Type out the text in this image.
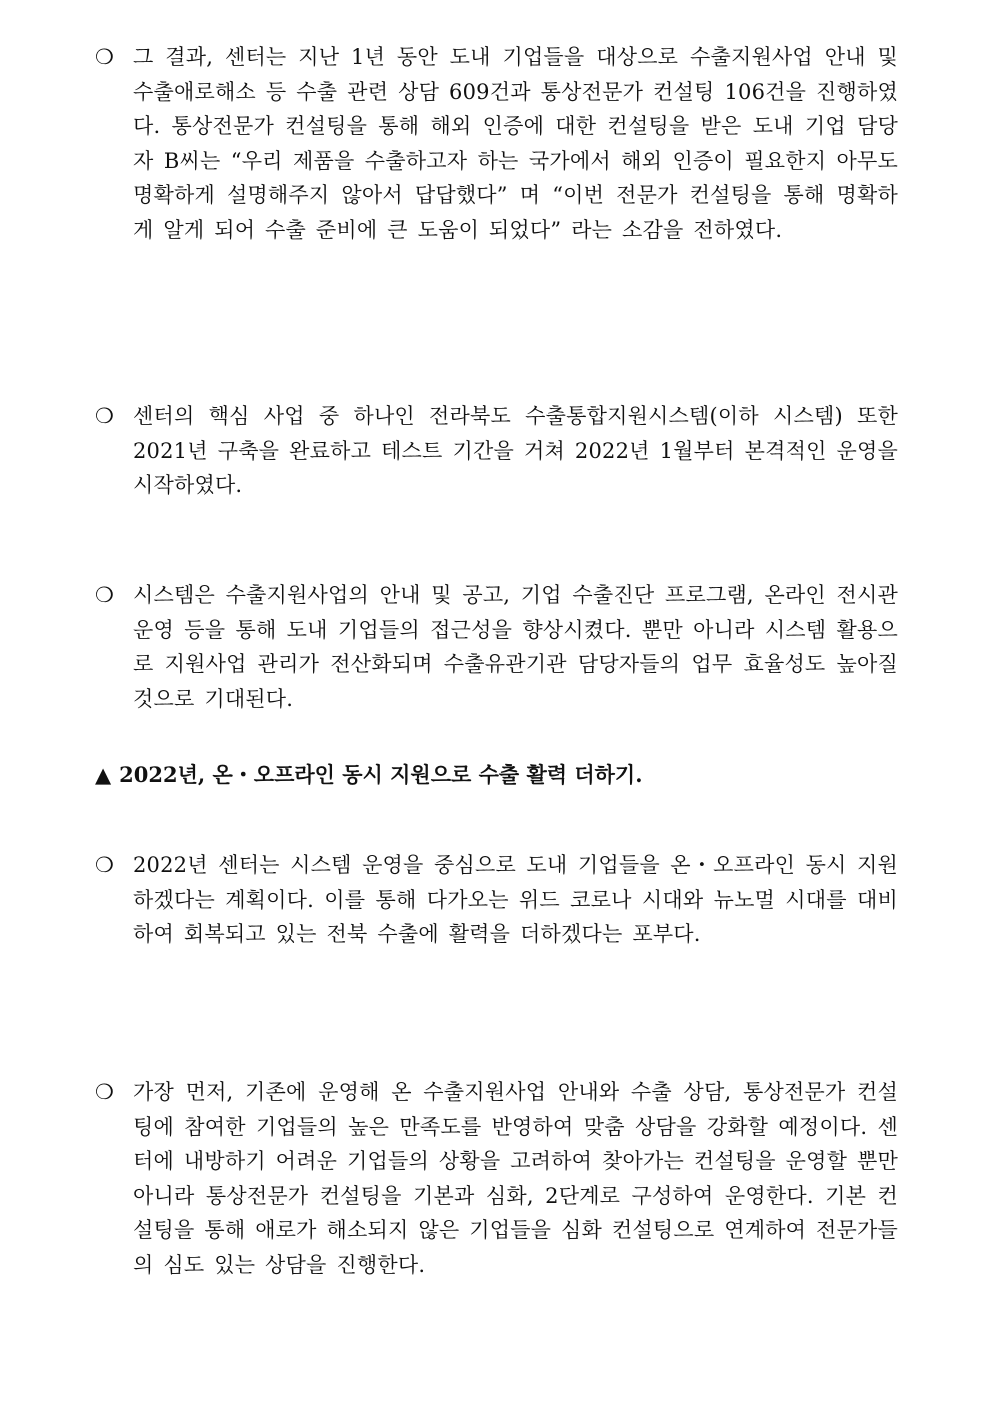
❍ 그 결과, 센터는 지난 1년 동안 도내 기업들을 대상으로 수출지원사업 안내 및 수출애로해소 등 수출 관련 상담 609건과 통상전문가 컨설팅 106건을 진행하였다. 통상전문가 컨설팅을 통해 해외 인증에 대한 컨설팅을 받은 도내 기업 담당자 B씨는 “우리 제품을 수출하고자 하는 국가에서 해외 인증이 필요한지 아무도 명확하게 설명해주지 않아서 답답했다” 며 “이번 전문가 컨설팅을 통해 명확하게 알게 되어 수출 준비에 큰 도움이 되었다” 라는 소감을 전하였다.

❍ 센터의 핵심 사업 중 하나인 전라북도 수출통합지원시스템(이하 시스템) 또한 2021년 구축을 완료하고 테스트 기간을 거쳐 2022년 1월부터 본격적인 운영을 시작하였다.

❍ 시스템은 수출지원사업의 안내 및 공고, 기업 수출진단 프로그램, 온라인 전시관 운영 등을 통해 도내 기업들의 접근성을 향상시켰다. 뿐만 아니라 시스템 활용으로 지원사업 관리가 전산화되며 수출유관기관 담당자들의 업무 효율성도 높아질 것으로 기대된다.

▲ 2022년, 온・오프라인 동시 지원으로 수출 활력 더하기.
❍ 2022년 센터는 시스템 운영을 중심으로 도내 기업들을 온・오프라인 동시 지원하겠다는 계획이다. 이를 통해 다가오는 위드 코로나 시대와 뉴노멀 시대를 대비하여 회복되고 있는 전북 수출에 활력을 더하겠다는 포부다.

❍ 가장 먼저, 기존에 운영해 온 수출지원사업 안내와 수출 상담, 통상전문가 컨설팅에 참여한 기업들의 높은 만족도를 반영하여 맞춤 상담을 강화할 예정이다. 센터에 내방하기 어려운 기업들의 상황을 고려하여 찾아가는 컨설팅을 운영할 뿐만 아니라 통상전문가 컨설팅을 기본과 심화, 2단계로 구성하여 운영한다. 기본 컨설팅을 통해 애로가 해소되지 않은 기업들을 심화 컨설팅으로 연계하여 전문가들의 심도 있는 상담을 진행한다.
